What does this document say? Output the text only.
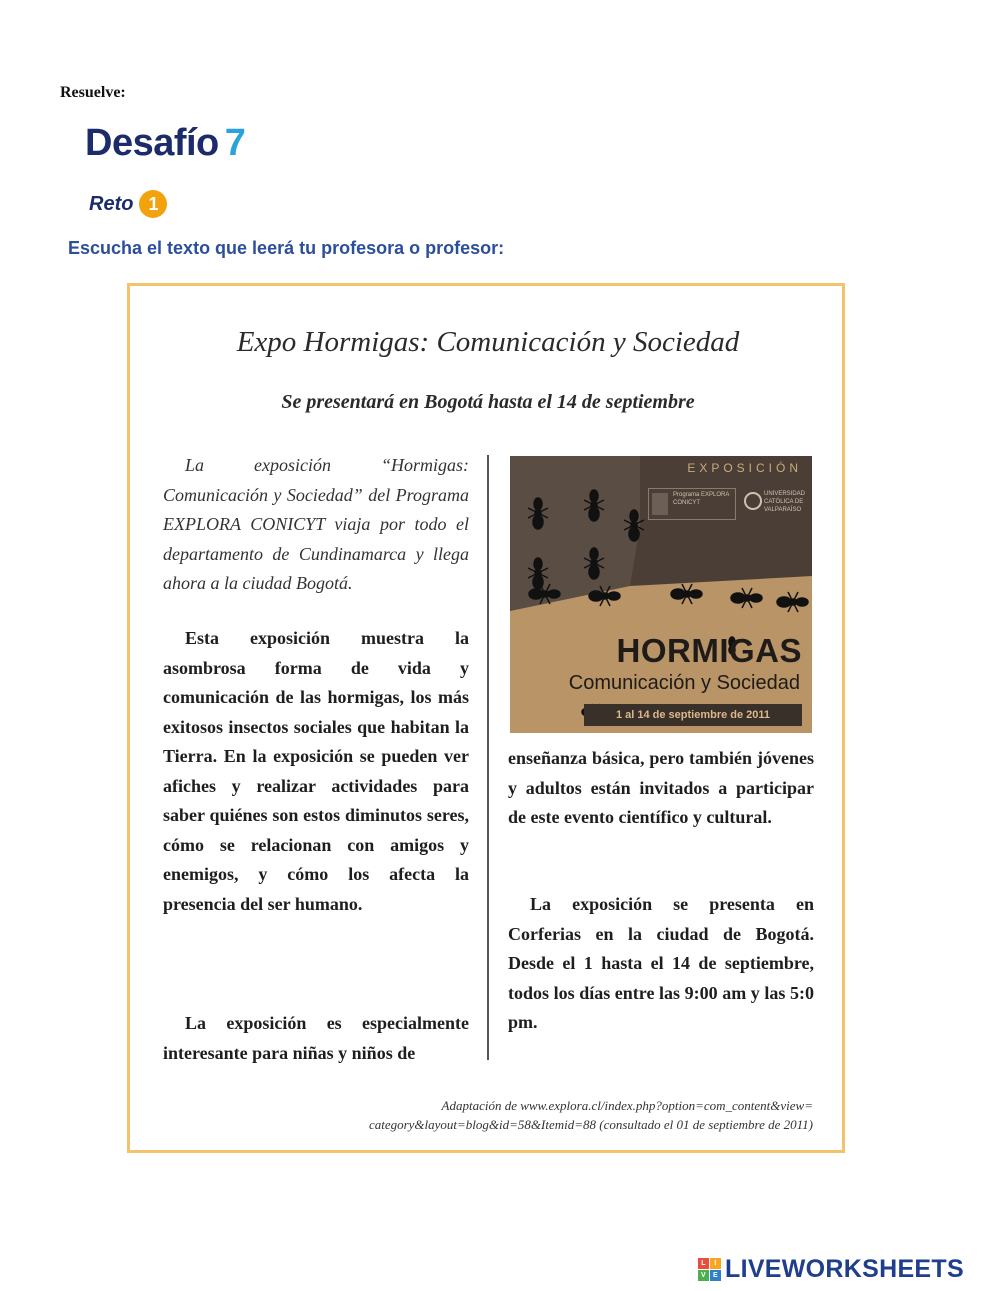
Resuelve:
Desafío 7
Reto 1
Escucha el texto que leerá tu profesora o profesor:
Expo Hormigas: Comunicación y Sociedad
Se presentará en Bogotá hasta el 14 de septiembre
La exposición “Hormigas: Comunicación y Sociedad” del Programa EXPLORA CONICYT viaja por todo el departamento de Cundinamarca y llega ahora a la ciudad Bogotá.
Esta exposición muestra la asombrosa forma de vida y comunicación de las hormigas, los más exitosos insectos sociales que habitan la Tierra. En la exposición se pueden ver afiches y realizar actividades para saber quiénes son estos diminutos seres, cómo se relacionan con amigos y enemigos, y cómo los afecta la presencia del ser humano.
La exposición es especialmente interesante para niñas y niños de
EXPOSICIÓN
Programa EXPLORA CONICYT
UNIVERSIDAD CATÓLICA DE VALPARAÍSO
HORMIGAS
Comunicación y Sociedad
1 al 14 de septiembre de 2011
enseñanza básica, pero también jóvenes y adultos están invitados a participar de este evento científico y cultural.
La exposición se presenta en Corferias en la ciudad de Bogotá. Desde el 1 hasta el 14 de septiembre, todos los días entre las 9:00 am y las 5:0 pm.
Adaptación de www.explora.cl/index.php?option=com_content&view= category&layout=blog&id=58&Itemid=88 (consultado el 01 de septiembre de 2011)
L	I
V	E LIVEWORKSHEETS
